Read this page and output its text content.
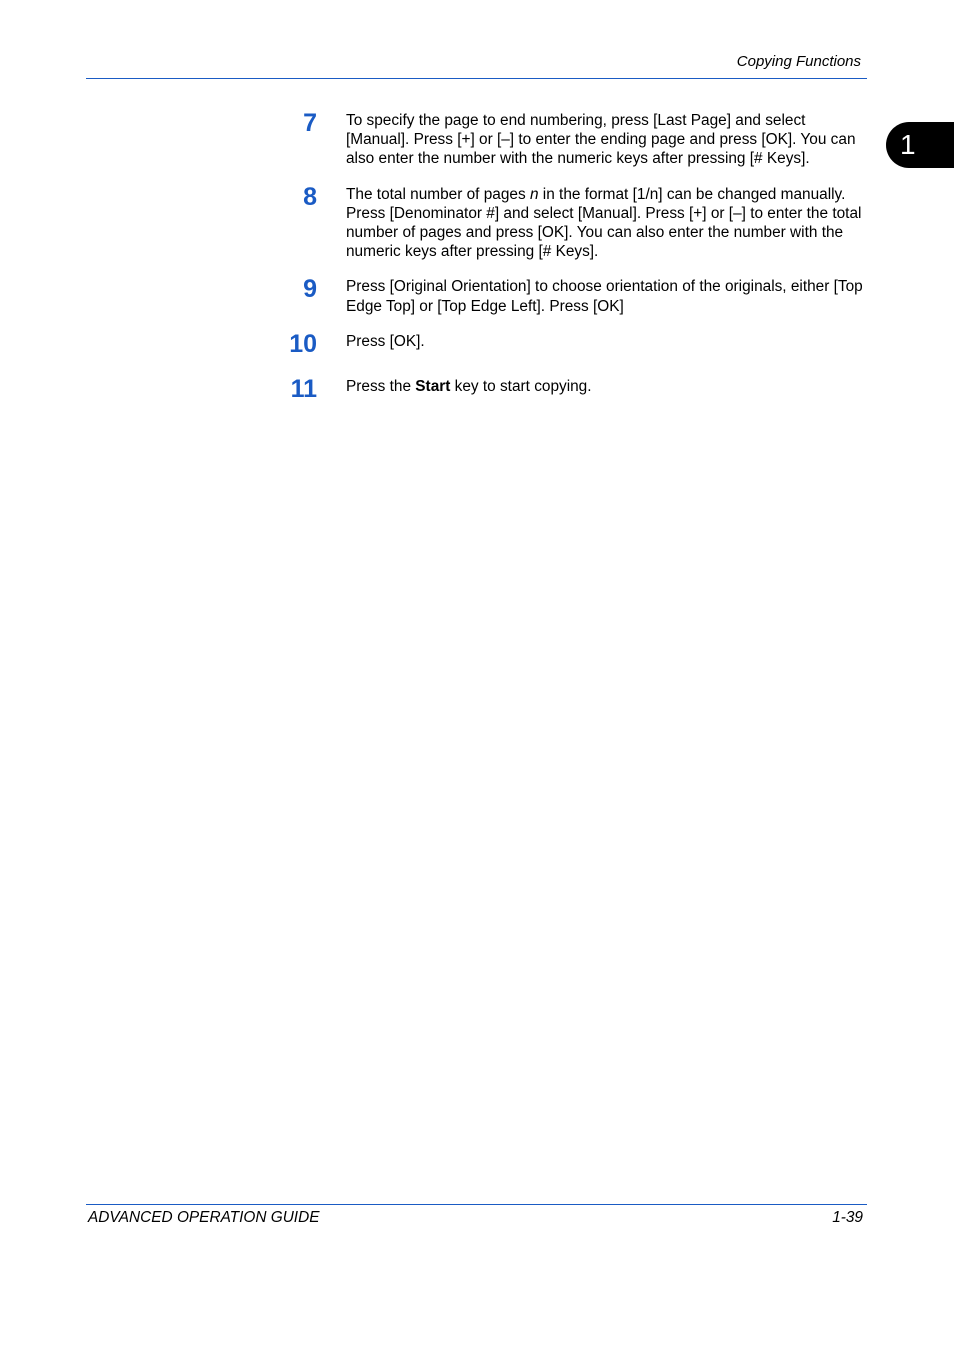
Copying Functions
1
7 To specify the page to end numbering, press [Last Page] and select [Manual]. Press [+] or [–] to enter the ending page and press [OK]. You can also enter the number with the numeric keys after pressing [# Keys].
8 The total number of pages n in the format [1/n] can be changed manually. Press [Denominator #] and select [Manual]. Press [+] or [–] to enter the total number of pages and press [OK]. You can also enter the number with the numeric keys after pressing [# Keys].
9 Press [Original Orientation] to choose orientation of the originals, either [Top Edge Top] or [Top Edge Left]. Press [OK]
10 Press [OK].
11 Press the Start key to start copying.
ADVANCED OPERATION GUIDE	1-39
